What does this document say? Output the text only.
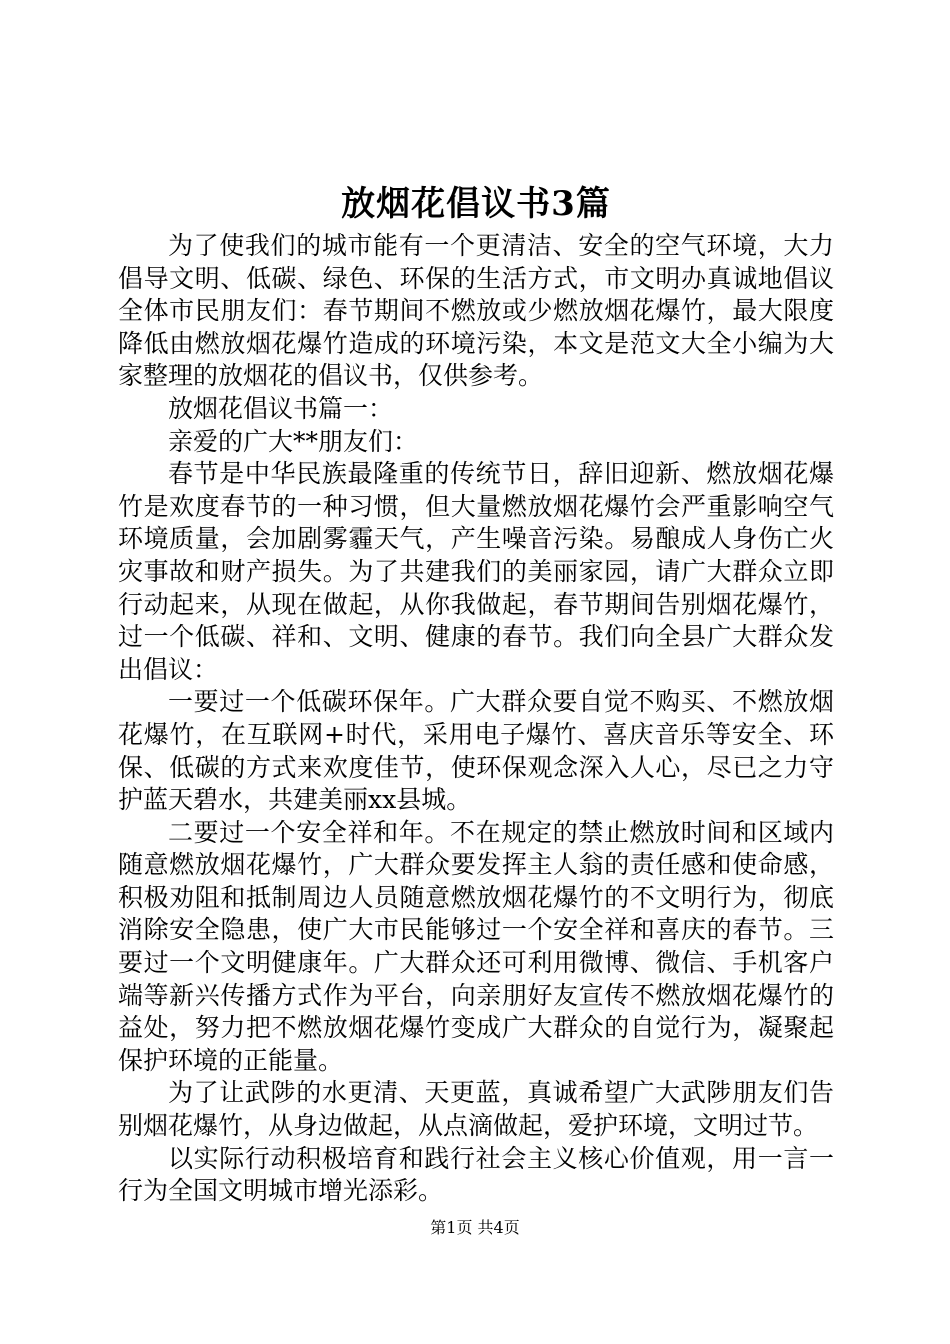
放烟花倡议书3篇

为了使我们的城市能有一个更清洁、安全的空气环境，大力倡导文明、低碳、绿色、环保的生活方式，市文明办真诚地倡议全体市民朋友们：春节期间不燃放或少燃放烟花爆竹，最大限度降低由燃放烟花爆竹造成的环境污染，本文是范文大全小编为大家整理的放烟花的倡议书，仅供参考。

放烟花倡议书篇一：

亲爱的广大**朋友们：

春节是中华民族最隆重的传统节日，辞旧迎新、燃放烟花爆竹是欢度春节的一种习惯，但大量燃放烟花爆竹会严重影响空气环境质量，会加剧雾霾天气，产生噪音污染。易酿成人身伤亡火灾事故和财产损失。为了共建我们的美丽家园，请广大群众立即行动起来，从现在做起，从你我做起，春节期间告别烟花爆竹，过一个低碳、祥和、文明、健康的春节。我们向全县广大群众发出倡议：

一要过一个低碳环保年。广大群众要自觉不购买、不燃放烟花爆竹，在互联网+时代，采用电子爆竹、喜庆音乐等安全、环保、低碳的方式来欢度佳节，使环保观念深入人心，尽已之力守护蓝天碧水，共建美丽xx县城。

二要过一个安全祥和年。不在规定的禁止燃放时间和区域内随意燃放烟花爆竹，广大群众要发挥主人翁的责任感和使命感，积极劝阻和抵制周边人员随意燃放烟花爆竹的不文明行为，彻底消除安全隐患，使广大市民能够过一个安全祥和喜庆的春节。三要过一个文明健康年。广大群众还可利用微博、微信、手机客户端等新兴传播方式作为平台，向亲朋好友宣传不燃放烟花爆竹的益处，努力把不燃放烟花爆竹变成广大群众的自觉行为，凝聚起保护环境的正能量。

为了让武陟的水更清、天更蓝，真诚希望广大武陟朋友们告别烟花爆竹，从身边做起，从点滴做起，爱护环境，文明过节。

以实际行动积极培育和践行社会主义核心价值观，用一言一行为全国文明城市增光添彩。

第1页 共4页
